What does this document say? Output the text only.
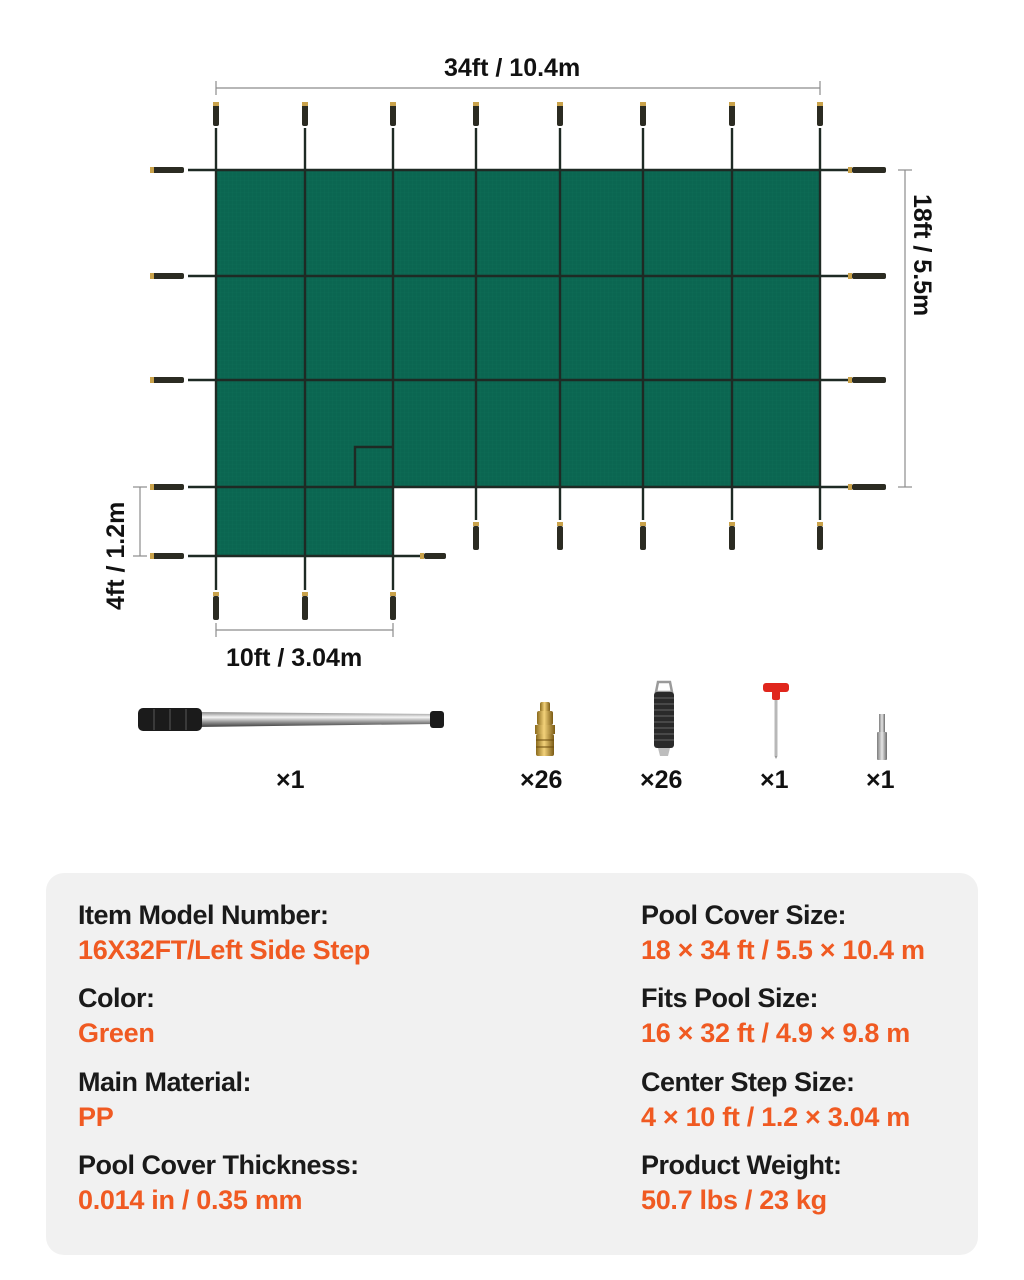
34ft / 10.4m
18ft / 5.5m
4ft / 1.2m
10ft / 3.04m
×1	×26	×26	×1	×1
Item Model Number:
16X32FT/Left Side Step
Color:
Green
Main Material:
PP
Pool Cover Thickness:
0.014 in / 0.35 mm
Pool Cover Size:
18 × 34 ft / 5.5 × 10.4 m
Fits Pool Size:
16 × 32 ft / 4.9 × 9.8 m
Center Step Size:
4 × 10 ft / 1.2 × 3.04 m
Product Weight:
50.7 lbs / 23 kg
